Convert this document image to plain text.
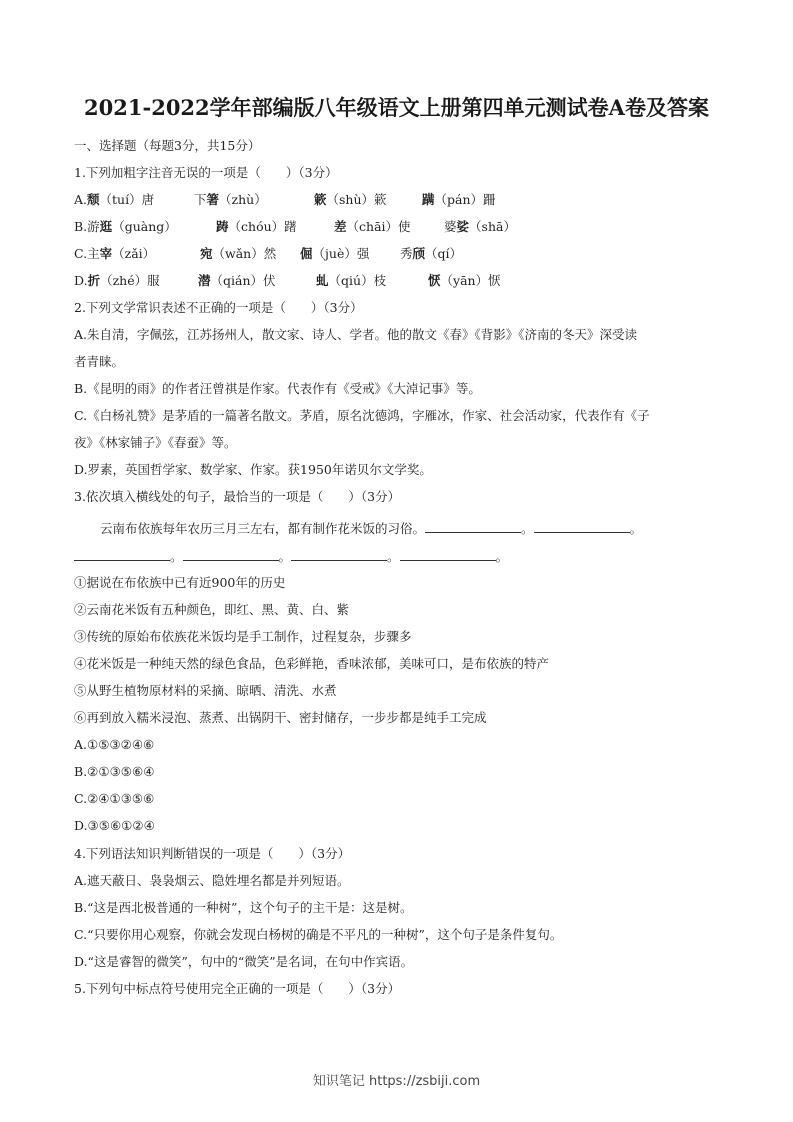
2021-2022学年部编版八年级语文上册第四单元测试卷A卷及答案
一、选择题（每题3分，共15分）
1.下列加粗字注音无误的一项是（　　）（3分）
A.颓（tuí）唐	下箸（zhù）	簌（shù）簌	蹒（pán）跚
B.游逛（guàng）	踌（chóu）躇	差（chāi）使	婆娑（shā）
C.主宰（zǎi）	宛（wǎn）然 倔（juè）强 秀颀（qí）
D.折（zhé）服	潜（qián）伏	虬（qiú）枝	恹（yān）恹
2.下列文学常识表述不正确的一项是（　　）（3分）
A.朱自清，字佩弦，江苏扬州人，散文家、诗人、学者。他的散文《春》《背影》《济南的冬天》深受读
者青睐。
B.《昆明的雨》的作者汪曾祺是作家。代表作有《受戒》《大淖记事》等。
C.《白杨礼赞》是茅盾的一篇著名散文。茅盾，原名沈德鸿，字雁冰，作家、社会活动家，代表作有《子
夜》《林家铺子》《春蚕》等。
D.罗素，英国哲学家、数学家、作家。获1950年诺贝尔文学奖。
3.依次填入横线处的句子，最恰当的一项是（　　）（3分）
云南布依族每年农历三月三左右，都有制作花米饭的习俗。	。	。
。	。	。	。
①据说在布依族中已有近900年的历史
②云南花米饭有五种颜色，即红、黑、黄、白、紫
③传统的原始布依族花米饭均是手工制作，过程复杂，步骤多
④花米饭是一种纯天然的绿色食品，色彩鲜艳，香味浓郁，美味可口，是布依族的特产
⑤从野生植物原材料的采摘、晾晒、清洗、水煮
⑥再到放入糯米浸泡、蒸煮、出锅阴干、密封储存，一步步都是纯手工完成
A.①⑤③②④⑥
B.②①③⑤⑥④
C.②④①③⑤⑥
D.③⑤⑥①②④
4.下列语法知识判断错误的一项是（　　）（3分）
A.遮天蔽日、袅袅烟云、隐姓埋名都是并列短语。
B.“这是西北极普通的一种树”，这个句子的主干是：这是树。
C.“只要你用心观察，你就会发现白杨树的确是不平凡的一种树”，这个句子是条件复句。
D.“这是睿智的微笑”，句中的“微笑”是名词，在句中作宾语。
5.下列句中标点符号使用完全正确的一项是（　　）（3分）
知识笔记 https://zsbiji.com
